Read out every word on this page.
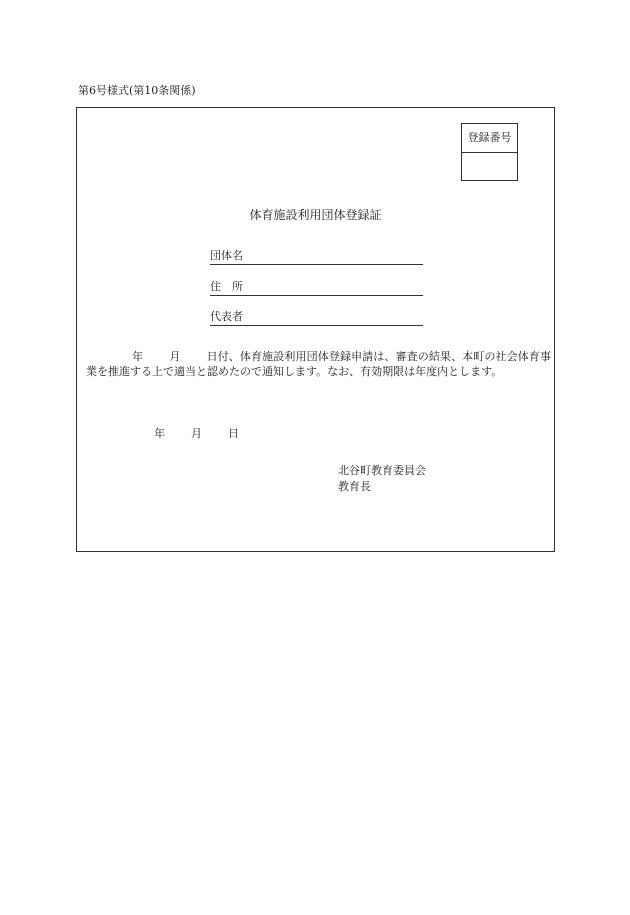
第6号様式(第10条関係)
登録番号
体育施設利用団体登録証
団体名
住　所
代表者
年 月 日付、体育施設利用団体登録申請は、審査の結果、本町の社会体育事業を推進する上で適当と認めたので通知します。なお、有効期限は年度内とします。
年 月 日
北谷町教育委員会
教育長
